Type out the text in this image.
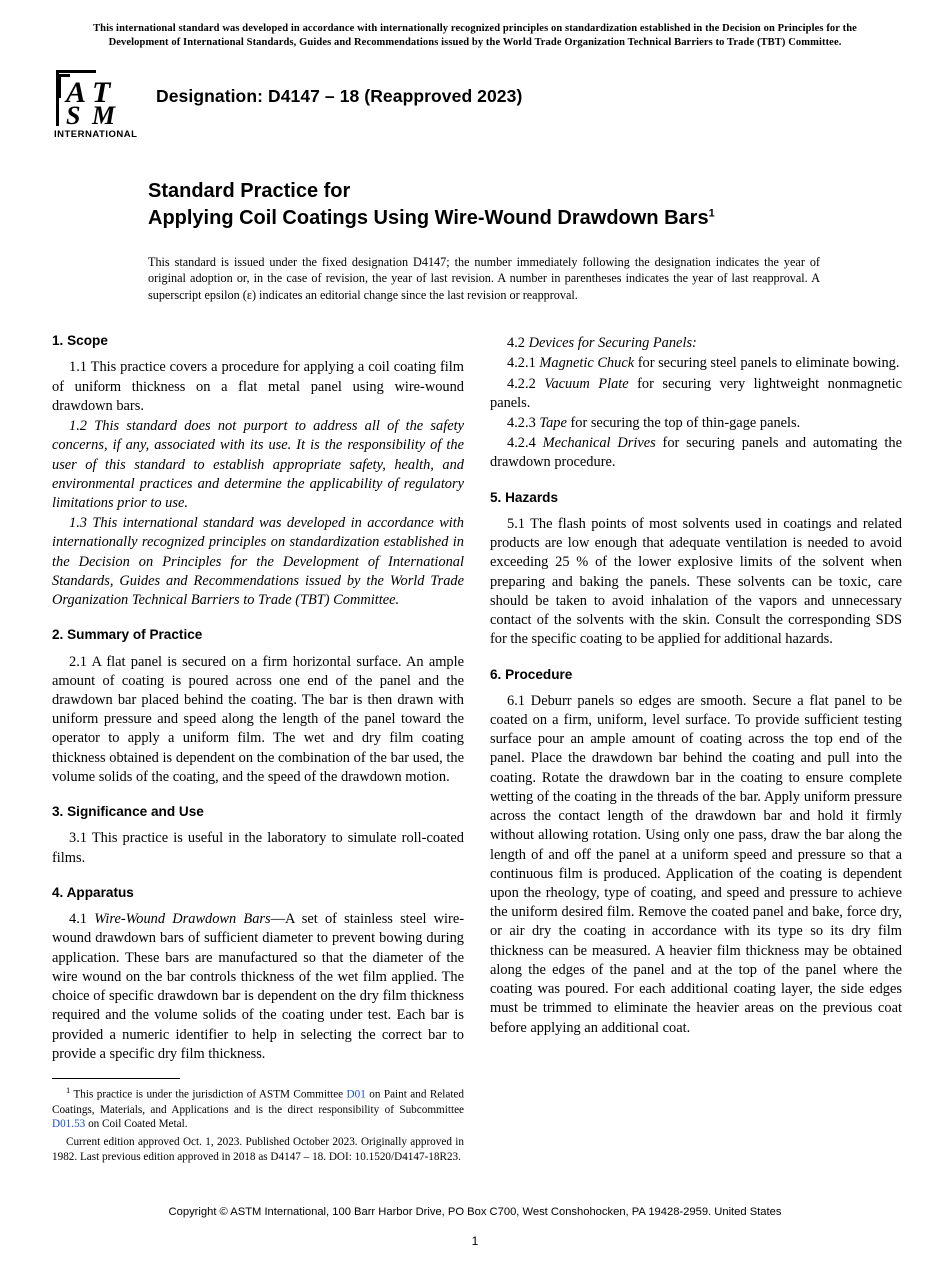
This international standard was developed in accordance with internationally recognized principles on standardization established in the Decision on Principles for the
Development of International Standards, Guides and Recommendations issued by the World Trade Organization Technical Barriers to Trade (TBT) Committee.
A
S
T
M
INTERNATIONAL
Designation: D4147 – 18 (Reapproved 2023)
Standard Practice for
Applying Coil Coatings Using Wire-Wound Drawdown Bars$^1$
This standard is issued under the fixed designation D4147; the number immediately following the designation indicates the year of original adoption or, in the case of revision, the year of last revision. A number in parentheses indicates the year of last reapproval. A superscript epsilon (ε) indicates an editorial change since the last revision or reapproval.
1. Scope

1.1 This practice covers a procedure for applying a coil coating film of uniform thickness on a flat metal panel using wire-wound drawdown bars.

1.2 This standard does not purport to address all of the safety concerns, if any, associated with its use. It is the responsibility of the user of this standard to establish appropriate safety, health, and environmental practices and determine the applicability of regulatory limitations prior to use.

1.3 This international standard was developed in accordance with internationally recognized principles on standardization established in the Decision on Principles for the Development of International Standards, Guides and Recommendations issued by the World Trade Organization Technical Barriers to Trade (TBT) Committee.

2. Summary of Practice

2.1 A flat panel is secured on a firm horizontal surface. An ample amount of coating is poured across one end of the panel and the drawdown bar placed behind the coating. The bar is then drawn with uniform pressure and speed along the length of the panel toward the operator to apply a uniform film. The wet and dry film coating thickness obtained is dependent on the combination of the bar used, the volume solids of the coating, and the speed of the drawdown motion.

3. Significance and Use

3.1 This practice is useful in the laboratory to simulate roll-coated films.

4. Apparatus

4.1 Wire-Wound Drawdown Bars—A set of stainless steel wire-wound drawdown bars of sufficient diameter to prevent bowing during application. These bars are manufactured so that the diameter of the wire wound on the bar controls thickness of the wet film applied. The choice of specific drawdown bar is dependent on the dry film thickness required and the volume solids of the coating under test. Each bar is provided a numeric identifier to help in selecting the correct bar to provide a specific dry film thickness.

$^1$ This practice is under the jurisdiction of ASTM Committee D01 on Paint and Related Coatings, Materials, and Applications and is the direct responsibility of Subcommittee D01.53 on Coil Coated Metal.

Current edition approved Oct. 1, 2023. Published October 2023. Originally approved in 1982. Last previous edition approved in 2018 as D4147 – 18. DOI: 10.1520/D4147-18R23.

4.2 Devices for Securing Panels:

4.2.1 Magnetic Chuck for securing steel panels to eliminate bowing.

4.2.2 Vacuum Plate for securing very lightweight nonmagnetic panels.

4.2.3 Tape for securing the top of thin-gage panels.

4.2.4 Mechanical Drives for securing panels and automating the drawdown procedure.

5. Hazards

5.1 The flash points of most solvents used in coatings and related products are low enough that adequate ventilation is needed to avoid exceeding 25 % of the lower explosive limits of the solvent when preparing and baking the panels. These solvents can be toxic, care should be taken to avoid inhalation of the vapors and unnecessary contact of the solvents with the skin. Consult the corresponding SDS for the specific coating to be applied for additional hazards.

6. Procedure

6.1 Deburr panels so edges are smooth. Secure a flat panel to be coated on a firm, uniform, level surface. To provide sufficient testing surface pour an ample amount of coating across the top end of the panel. Place the drawdown bar behind the coating and pull into the coating. Rotate the drawdown bar in the coating to ensure complete wetting of the coating in the threads of the bar. Apply uniform pressure across the contact length of the drawdown bar and hold it firmly without allowing rotation. Using only one pass, draw the bar along the length of and off the panel at a uniform speed and pressure so that a continuous film is produced. Application of the coating is dependent upon the rheology, type of coating, and speed and pressure to achieve the uniform desired film. Remove the coated panel and bake, force dry, or air dry the coating in accordance with its type so its dry film thickness can be measured. A heavier film thickness may be obtained along the edges of the panel and at the top of the panel where the coating was poured. For each additional coating layer, the side edges must be trimmed to eliminate the heavier areas on the previous coat before applying an additional coat.

Copyright © ASTM International, 100 Barr Harbor Drive, PO Box C700, West Conshohocken, PA 19428-2959. United States
1
